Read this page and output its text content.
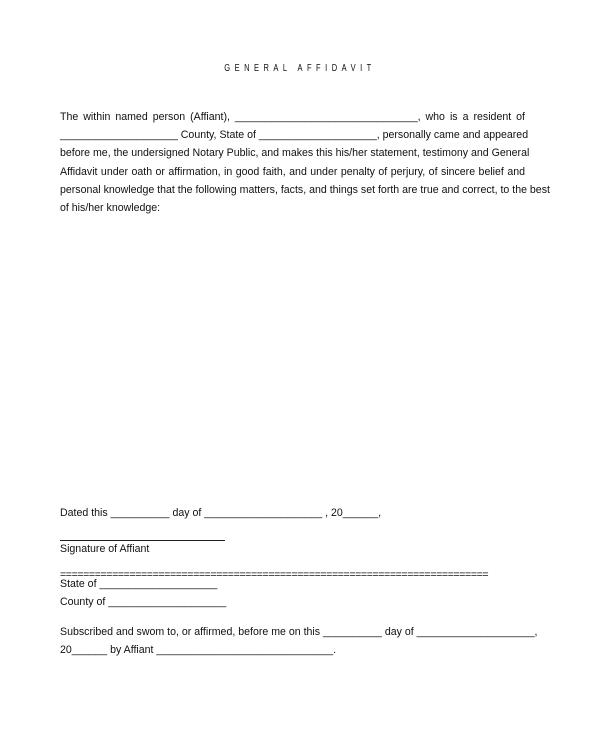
GENERAL AFFIDAVIT
The within named person (Affiant), _______________________________, who is a resident of
____________________ County, State of ____________________, personally came and appeared
before me, the undersigned Notary Public, and makes this his/her statement, testimony and General
Affidavit under oath or affirmation, in good faith, and under penalty of perjury, of sincere belief and
personal knowledge that the following matters, facts, and things set forth are true and correct, to the best
of his/her knowledge:
Dated this __________ day of ____________________ , 20______,
Signature of Affiant
==========================================================================
State of ____________________
County of ____________________
Subscribed and swom to, or affirmed, before me on this __________ day of ____________________,
20______ by Affiant ______________________________.
